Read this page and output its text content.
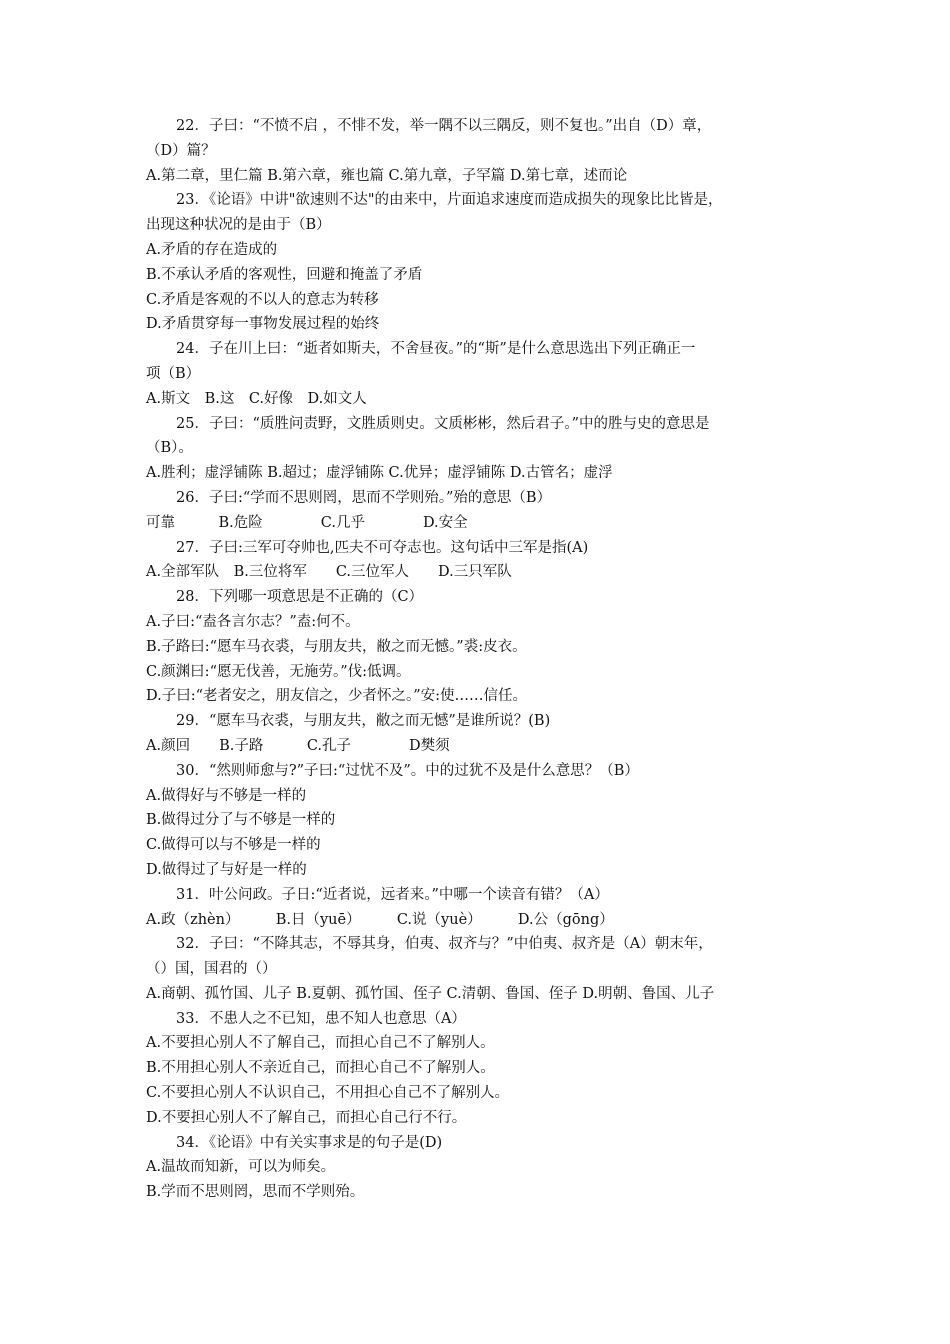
22．子曰：“不愤不启 ，不悱不发，举一隅不以三隅反，则不复也。”出自（D）章，
（D）篇？
A.第二章，里仁篇 B.第六章，雍也篇 C.第九章，子罕篇 D.第七章，述而论
23．《论语》中讲"欲速则不达"的由来中，片面追求速度而造成损失的现象比比皆是，
出现这种状况的是由于（B）
A.矛盾的存在造成的
B.不承认矛盾的客观性，回避和掩盖了矛盾
C.矛盾是客观的不以人的意志为转移
D.矛盾贯穿每一事物发展过程的始终
24．子在川上曰：“逝者如斯夫，不舍昼夜。”的“斯”是什么意思选出下列正确正一
项（B）
A.斯文　B.这　C.好像　D.如文人
25．子曰：“质胜问责野，文胜质则史。文质彬彬，然后君子。”中的胜与史的意思是
（B）。
A.胜利；虚浮铺陈 B.超过；虚浮铺陈 C.优异；虚浮铺陈 D.古管名；虚浮
26．子曰:“学而不思则罔，思而不学则殆。”殆的意思（B）
可靠　　　B.危险　　　　C.几乎　　　　D.安全
27．子曰:三军可夺帅也,匹夫不可夺志也。这句话中三军是指(A)
A.全部军队　B.三位将军　　C.三位军人　　D.三只军队
28．下列哪一项意思是不正确的（C）
A.子曰:“盍各言尔志？”盍:何不。
B.子路曰:“愿车马衣裘，与朋友共，敝之而无憾。”裘:皮衣。
C.颜渊曰:“愿无伐善，无施劳。”伐:低调。
D.子曰:“老者安之，朋友信之，少者怀之。”安:使……信任。
29．“愿车马衣裘，与朋友共，敝之而无憾”是谁所说？(B)
A.颜回　　B.子路　　　C.孔子　　　　D樊须
30．“然则师愈与?”子曰:“过忧不及”。中的过犹不及是什么意思？（B）
A.做得好与不够是一样的
B.做得过分了与不够是一样的
C.做得可以与不够是一样的
D.做得过了与好是一样的
31．叶公问政。子日:“近者说，远者来。”中哪一个读音有错？（A）
A.政（zhèn）　　　B.日（yuē）　　　C.说（yuè）　　　D.公（gōng）
32．子曰：“不降其志，不辱其身，伯夷、叔齐与？”中伯夷、叔齐是（A）朝末年，
（）国，国君的（）
A.商朝、孤竹国、儿子 B.夏朝、孤竹国、侄子 C.清朝、鲁国、侄子 D.明朝、鲁国、儿子
33．不患人之不已知，患不知人也意思（A）
A.不要担心别人不了解自己，而担心自己不了解别人。
B.不用担心别人不亲近自己，而担心自己不了解别人。
C.不要担心别人不认识自己，不用担心自己不了解别人。
D.不要担心别人不了解自己，而担心自己行不行。
34．《论语》中有关实事求是的句子是(D)
A.温故而知新，可以为师矣。
B.学而不思则罔，思而不学则殆。
